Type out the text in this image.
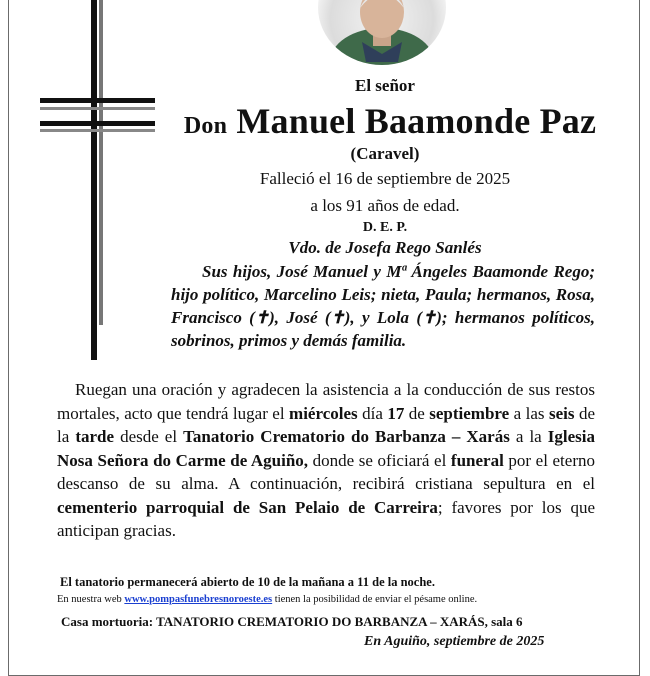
El señor
Don Manuel Baamonde Paz
(Caravel)
Falleció el 16 de septiembre de 2025
a los 91 años de edad.
D. E. P.
Vdo. de Josefa Rego Sanlés

Sus hijos, José Manuel y Mª Ángeles Baamonde Rego; hijo político, Marcelino Leis; nieta, Paula; hermanos, Rosa, Francisco (✝), José (✝), y Lola (✝); hermanos políticos, sobrinos, primos y demás familia.

Ruegan una oración y agradecen la asistencia a la conducción de sus restos mortales, acto que tendrá lugar el miércoles día 17 de septiembre a las seis de la tarde desde el Tanatorio Crematorio do Barbanza – Xarás a la Iglesia Nosa Señora do Carme de Aguiño, donde se oficiará el funeral por el eterno descanso de su alma. A continuación, recibirá cristiana sepultura en el cementerio parroquial de San Pelaio de Carreira; favores por los que anticipan gracias.

El tanatorio permanecerá abierto de 10 de la mañana a 11 de la noche.
En nuestra web www.pompasfunebresnoroeste.es tienen la posibilidad de enviar el pésame online.
Casa mortuoria: TANATORIO CREMATORIO DO BARBANZA – XARÁS, sala 6
En Aguiño, septiembre de 2025
